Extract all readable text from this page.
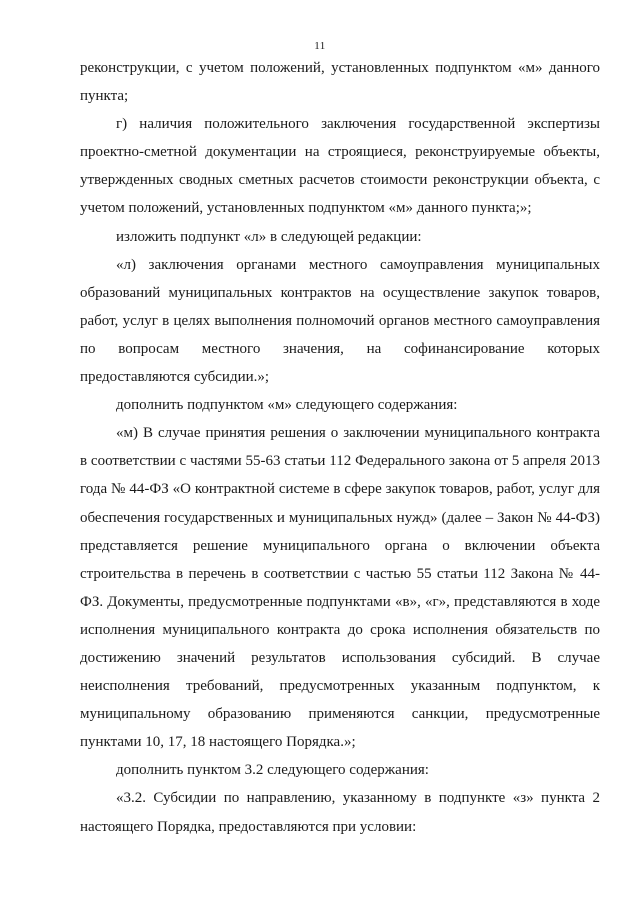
11

реконструкции, с учетом положений, установленных подпунктом «м» данного пункта;

г) наличия положительного заключения государственной экспертизы проектно-сметной документации на строящиеся, реконструируемые объекты, утвержденных сводных сметных расчетов стоимости реконструкции объекта, с учетом положений, установленных подпунктом «м» данного пункта;»;

изложить подпункт «л» в следующей редакции:

«л) заключения органами местного самоуправления муниципальных образований муниципальных контрактов на осуществление закупок товаров, работ, услуг в целях выполнения полномочий органов местного самоуправления по вопросам местного значения, на софинансирование которых предоставляются субсидии.»;

дополнить подпунктом «м» следующего содержания:

«м) В случае принятия решения о заключении муниципального контракта в соответствии с частями 55-63 статьи 112 Федерального закона от 5 апреля 2013 года № 44-ФЗ «О контрактной системе в сфере закупок товаров, работ, услуг для обеспечения государственных и муниципальных нужд» (далее – Закон № 44-ФЗ) представляется решение муниципального органа о включении объекта строительства в перечень в соответствии с частью 55 статьи 112 Закона № 44-ФЗ. Документы, предусмотренные подпунктами «в», «г», представляются в ходе исполнения муниципального контракта до срока исполнения обязательств по достижению значений результатов использования субсидий. В случае неисполнения требований, предусмотренных указанным подпунктом, к муниципальному образованию применяются санкции, предусмотренные пунктами 10, 17, 18 настоящего Порядка.»;

дополнить пунктом 3.2 следующего содержания:

«3.2. Субсидии по направлению, указанному в подпункте «з» пункта 2 настоящего Порядка, предоставляются при условии:
